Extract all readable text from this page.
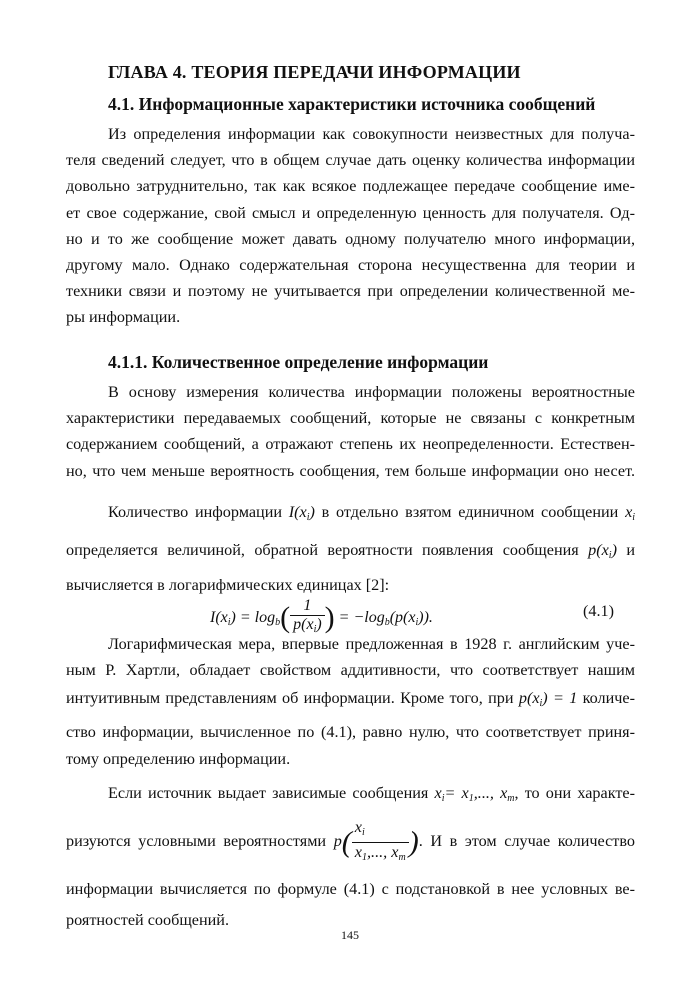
ГЛАВА 4. ТЕОРИЯ ПЕРЕДАЧИ ИНФОРМАЦИИ
4.1. Информационные характеристики источника сообщений
Из определения информации как совокупности неизвестных для получа-
теля сведений следует, что в общем случае дать оценку количества информации
довольно затруднительно, так как всякое подлежащее передаче сообщение име-
ет свое содержание, свой смысл и определенную ценность для получателя. Од-
но и то же сообщение может давать одному получателю много информации,
другому мало. Однако содержательная сторона несущественна для теории и
техники связи и поэтому не учитывается при определении количественной ме-
ры информации.
4.1.1. Количественное определение информации
В основу измерения количества информации положены вероятностные
характеристики передаваемых сообщений, которые не связаны с конкретным
содержанием сообщений, а отражают степень их неопределенности. Естествен-
но, что чем меньше вероятность сообщения, тем больше информации оно несет.
Количество информации $I(x_i)$ в отдельно взятом единичном сообщении $x_i$
определяется величиной, обратной вероятности появления сообщения $p(x_i)$ и
вычисляется в логарифмических единицах [2]:
$I(x_i) = \log_b( \frac{1}{p(x_i)}$ ) = $-\log_b(p(x_i))$.	(4.1)
Логарифмическая мера, впервые предложенная в 1928 г. английским уче-
ным Р. Хартли, обладает свойством аддитивности, что соответствует нашим
интуитивным представлениям об информации. Кроме того, при $p(x_i) = 1$ количе-
ство информации, вычисленное по (4.1), равно нулю, что соответствует приня-
тому определению информации.
Если источник выдает зависимые сообщения $x_i= x_1$,..., $x_m$, то они характе-
ризуются условными вероятностями $p( \frac{x_i}{x_1,..., x_m}$ ). И в этом случае количество
информации вычисляется по формуле (4.1) с подстановкой в нее условных ве-
роятностей сообщений.
145
